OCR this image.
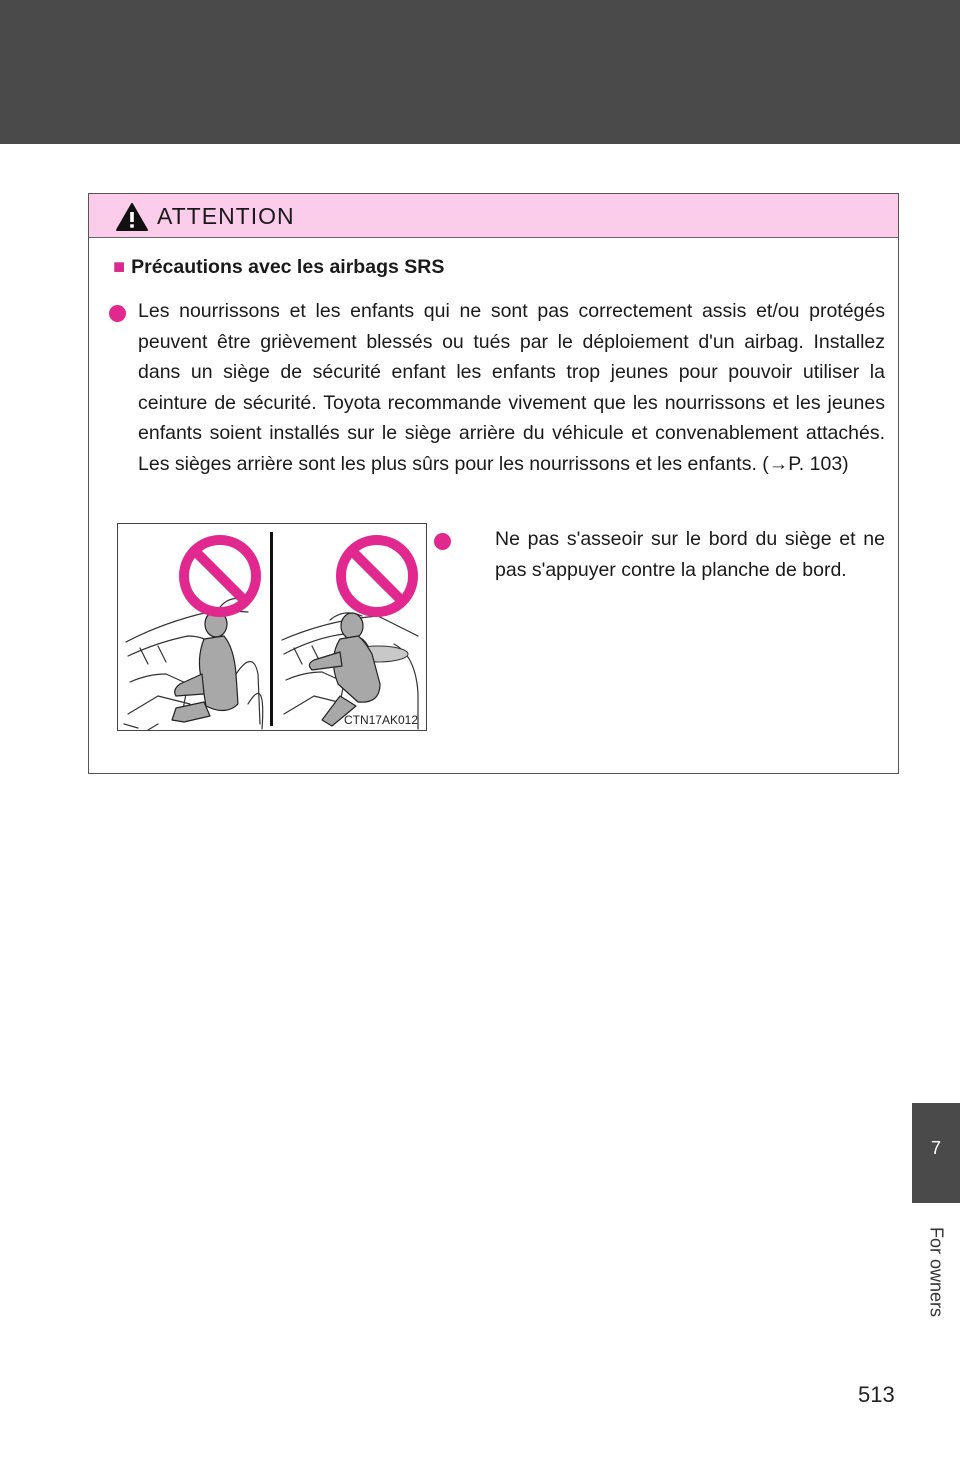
ATTENTION
■ Précautions avec les airbags SRS
Les nourrissons et les enfants qui ne sont pas correctement assis et/ou protégés peuvent être grièvement blessés ou tués par le déploiement d'un airbag. Installez dans un siège de sécurité enfant les enfants trop jeunes pour pouvoir utiliser la ceinture de sécurité. Toyota recommande vivement que les nourrissons et les jeunes enfants soient installés sur le siège arrière du véhicule et convenablement attachés. Les sièges arrière sont les plus sûrs pour les nourrissons et les enfants. (→P. 103)
CTN17AK012
Ne pas s'asseoir sur le bord du siège et ne pas s'appuyer contre la planche de bord.
7
For owners
513
